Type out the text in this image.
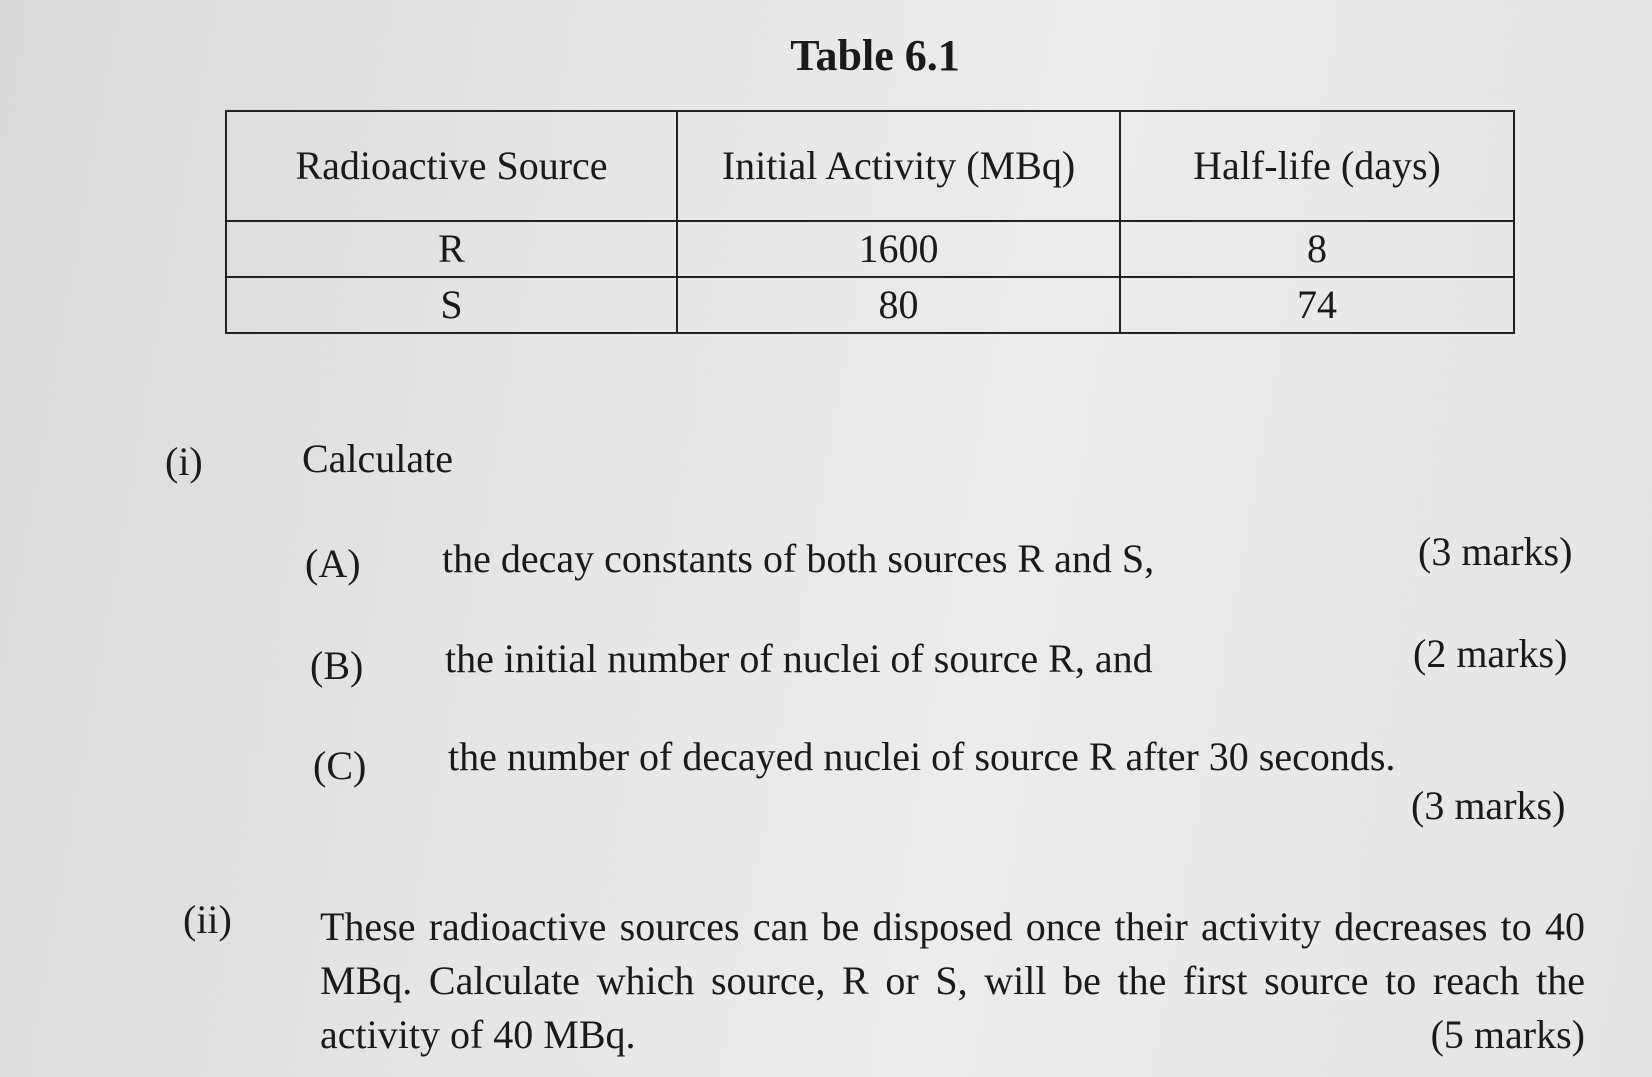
Table 6.1
Radioactive Source	Initial Activity (MBq)	Half-life (days)
R	1600	8
S	80	74
(i) Calculate
(A) the decay constants of both sources R and S,	(3 marks)
(B) the initial number of nuclei of source R, and	(2 marks)
(C) the number of decayed nuclei of source R after 30 seconds.
(3 marks)
(ii) These radioactive sources can be disposed once their activity decreases to 40 MBq. Calculate which source, R or S, will be the first source to reach the activity of 40 MBq.	(5 marks)
